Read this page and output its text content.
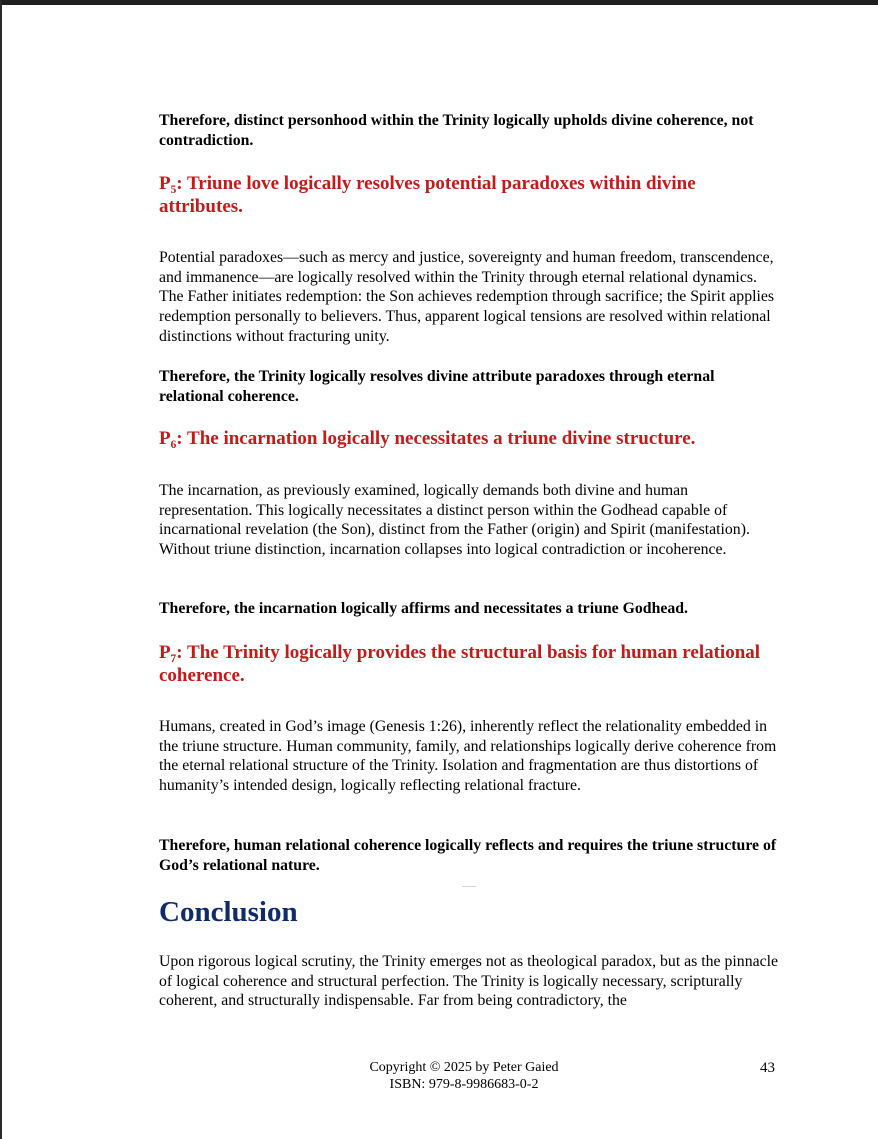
Therefore, distinct personhood within the Trinity logically upholds divine coherence, not contradiction.

P₅: Triune love logically resolves potential paradoxes within divine attributes.

Potential paradoxes—such as mercy and justice, sovereignty and human freedom, transcendence, and immanence—are logically resolved within the Trinity through eternal relational dynamics. The Father initiates redemption: the Son achieves redemption through sacrifice; the Spirit applies redemption personally to believers. Thus, apparent logical tensions are resolved within relational distinctions without fracturing unity.

Therefore, the Trinity logically resolves divine attribute paradoxes through eternal relational coherence.

P₆: The incarnation logically necessitates a triune divine structure.

The incarnation, as previously examined, logically demands both divine and human representation. This logically necessitates a distinct person within the Godhead capable of incarnational revelation (the Son), distinct from the Father (origin) and Spirit (manifestation). Without triune distinction, incarnation collapses into logical contradiction or incoherence.

Therefore, the incarnation logically affirms and necessitates a triune Godhead.

P₇: The Trinity logically provides the structural basis for human relational coherence.

Humans, created in God’s image (Genesis 1:26), inherently reflect the relationality embedded in the triune structure. Human community, family, and relationships logically derive coherence from the eternal relational structure of the Trinity. Isolation and fragmentation are thus distortions of humanity’s intended design, logically reflecting relational fracture.

Therefore, human relational coherence logically reflects and requires the triune structure of God’s relational nature.

Conclusion

Upon rigorous logical scrutiny, the Trinity emerges not as theological paradox, but as the pinnacle of logical coherence and structural perfection. The Trinity is logically necessary, scripturally coherent, and structurally indispensable. Far from being contradictory, the

Copyright © 2025 by Peter Gaied
ISBN: 979-8-9986683-0-2
43
